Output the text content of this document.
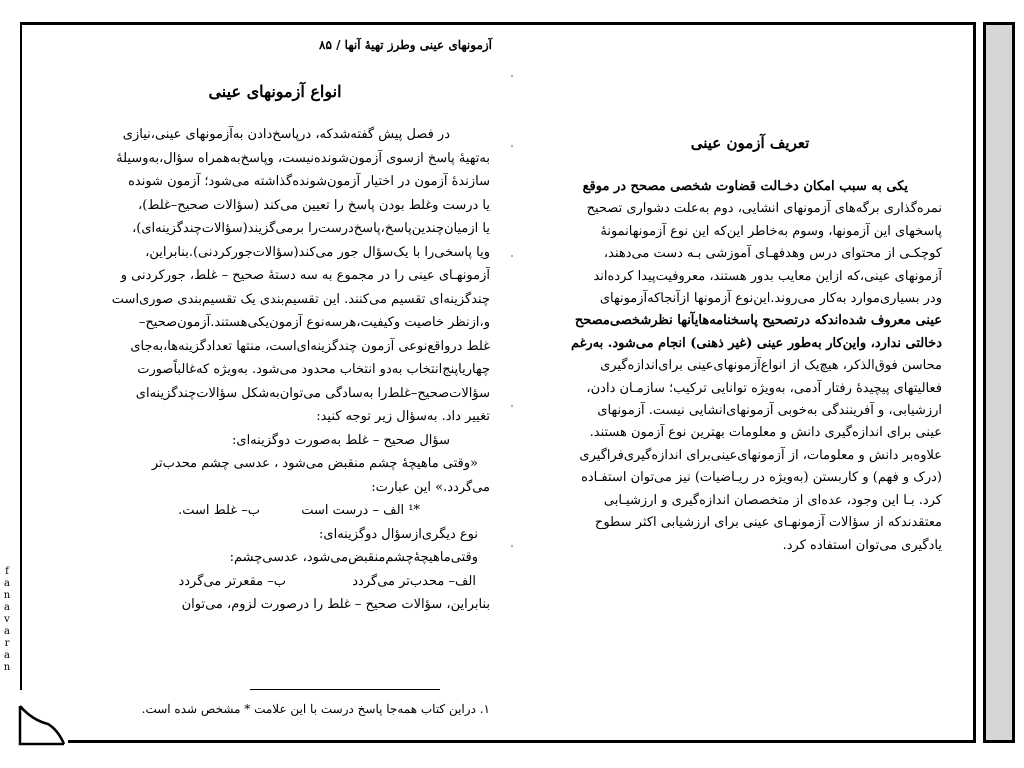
f
a
n
a
v
a
r
a
n
آزمونهای عینی وطرز تهیهٔ آنها / ۸۵
انواع آزمونهای عینی

در فصل پیش گفته‌شدکه، درپاسخ‌دادن به‌آزمونهای عینی،نیازی

به‌تهیهٔ پاسخ ازسوی آزمون‌شونده‌نیست، وپاسخ‌به‌همراه سؤال،به‌وسیلهٔ

سازندهٔ آزمون در اختیار آزمون‌شونده‌گذاشته می‌شود؛ آزمون شونده

یا درست وغلط بودن پاسخ را تعیین می‌کند (سؤالات صحیح–غلط)،

یا ازمیان‌چندین‌پاسخ،پاسخ‌درست‌را برمی‌گزیند(سؤالات‌چندگزینه‌ای)،

ویا پاسخی‌را با یک‌سؤال جور می‌کند(سؤالات‌جورکردنی).بنابراین،

آزمونهـای عینی را در مجموع به سه دستهٔ صحیح – غلط، جورکردنی و

چندگزینه‌ای تقسیم می‌کنند. این تقسیم‌بندی یک تقسیم‌بندی صوری‌است

و،ازنظر خاصیت وکیفیت،هرسه‌نوع آزمون‌یکی‌هستند.آزمون‌صحیح–

غلط درواقع‌نوعی آزمون چندگزینه‌ای‌است، منتها تعدادگزینه‌ها،به‌جای

چهاریاپنج‌انتخاب به‌دو انتخاب محدود می‌شود. به‌ویژه که‌غالباً‌صورت

سؤالات‌صحیح–غلط‌را به‌سادگی می‌توان‌به‌شکل سؤالات‌چندگزینه‌ای

تغییر داد. به‌سؤال زیر توجه کنید:

سؤال صحیح – غلط به‌صورت دوگزینه‌ای:

«وقتی ماهیچهٔ چشم منقبض می‌شود ، عدسی چشم محدب‌تر

می‌گردد.» این عبارت:

*¹ الف – درست است
ب– غلط است.

نوع دیگری‌ازسؤال دوگزینه‌ای:

وقتی‌ماهیچهٔ‌چشم‌منقبض‌می‌شود، عدسی‌چشم:

الف– محدب‌تر می‌گردد
ب– مقعرتر می‌گردد

بنابراین، سؤالات صحیح – غلط را درصورت لزوم، می‌توان

۱. دراین کتاب همه‌جا پاسخ درست با این علامت * مشخص شده است.
تعریف آزمون عینی

یکی به سبب امکان دخـالت قضاوت شخصی مصحح در موقع

نمره‌گذاری برگه‌های آزمونهای انشایی، دوم به‌علت دشواری تصحیح

پاسخهای این آزمونها، وسوم به‌خاطر این‌که این نوع آزمونهانمونهٔ

کوچکـی از محتوای درس وهدفهـای آموزشی بـه دست می‌دهند،

آزمونهای عینی،که ازاین معایب بدور هستند، معروفیت‌پیدا کرده‌اند

ودر بسیاری‌موارد به‌کار می‌روند.این‌نوع آزمونها ازآنجاکه‌آزمونهای

عینی معروف شده‌اندکه درتصحیح پاسخنامه‌هایآنها نظرشخصی‌مصحح

دخالتی ندارد، واین‌کار به‌طور عینی (غیر ذهنی) انجام می‌شود. به‌رغم

محاسن فوق‌الذکر، هیچ‌یک از انواع‌آزمونهای‌عینی برای‌اندازه‌گیری

فعالیتهای پیچیدهٔ رفتار آدمی، به‌ویژه توانایی ترکیب؛ سازمـان دادن،

ارزشیابی، و آفرینندگی به‌خوبی آزمونهای‌انشایی نیست. آزمونهای

عینی برای اندازه‌گیری دانش و معلومات بهترین نوع آزمون هستند.

علاوه‌بر دانش و معلومات، از آزمونهای‌عینی‌برای اندازه‌گیری‌فراگیری

(درک و فهم) و کاربستن (به‌ویژه در ریـاضیات) نیز می‌توان استفـاده

کرد. بـا این وجود، عده‌ای از متخصصان اندازه‌گیری و ارزشیـابی

معتقدندکه از سؤالات آزمونهـای عینی برای ارزشیابی اکثر سطوح

یادگیری می‌توان استفاده کرد.
